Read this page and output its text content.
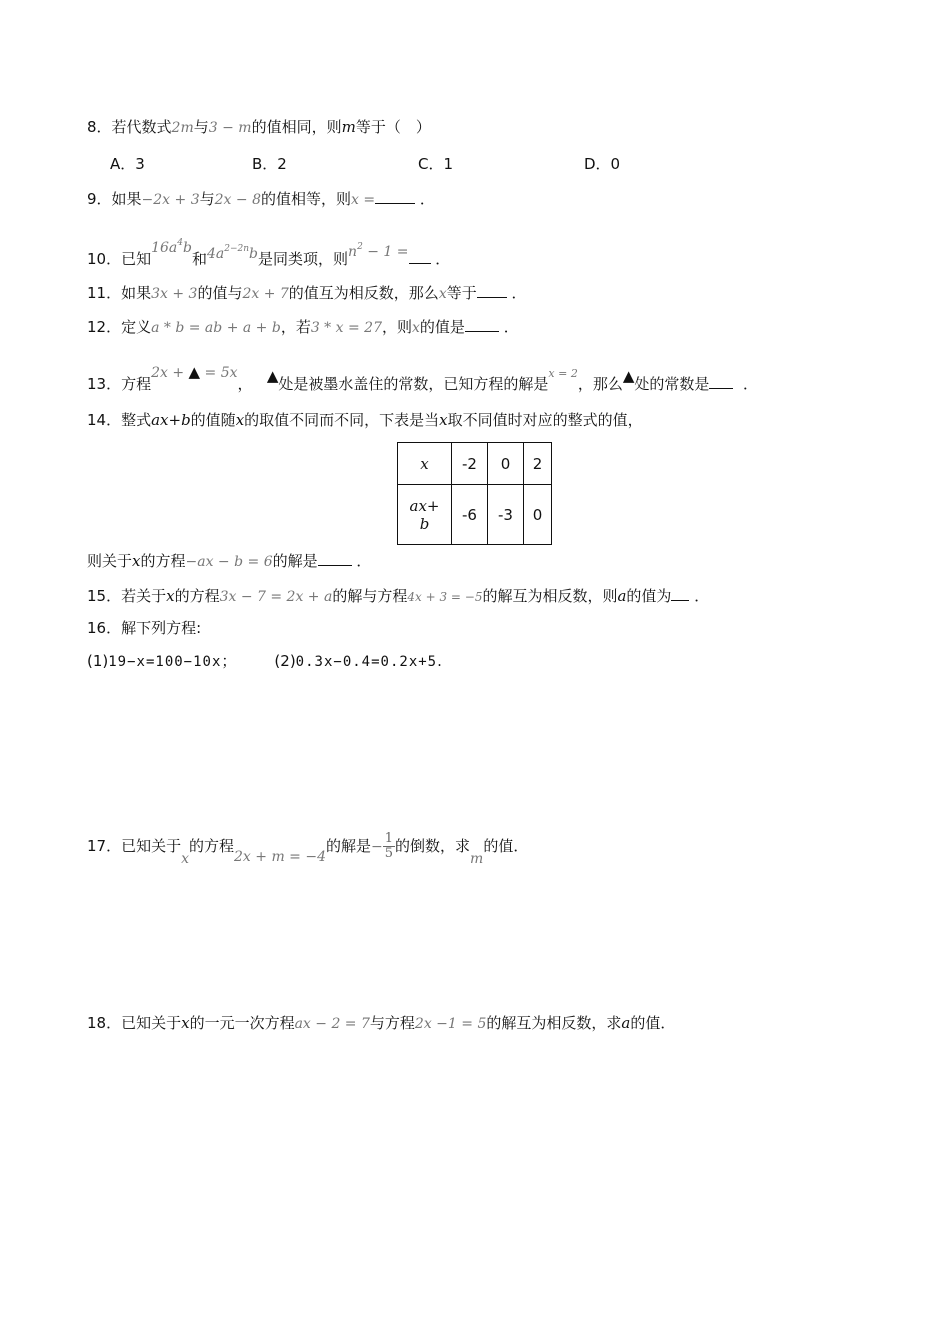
8．若代数式2m与3 − m的值相同，则m等于（　）
A．3	B．2	C．1	D．0
9．如果−2x + 3与2x − 8的值相等，则x =	．
10．已知$16a^4b$和$4a^{2-2n}b$是同类项，则$n^2 - 1$ = ．
11．如果3x + 3的值与2x + 7的值互为相反数，那么x等于 ．
12．定义a * b = ab + a + b，若3 * x = 27，则x的值是	．
13．方程2x + ▲ = 5x， ▲处是被墨水盖住的常数，已知方程的解是$^{x = 2}$，那么▲处的常数是 ．
14．整式ax+b的值随x的取值不同而不同，下表是当x取不同值时对应的整式的值，
x	-2	0	2
ax+
b	-6	-3	0
则关于x的方程−ax − b = 6的解是	．
15．若关于x的方程3x − 7 = 2x + a的解与方程4x + 3 = −5的解互为相反数，则a的值为 ．
16．解下列方程:
(1)19−x=100−10x；	(2)0.3x−0.4=0.2x+5.
17．已知关于x的方程2x + m = −4的解是− $\frac{1}{5}$ 的倒数，求m的值．
18．已知关于x的一元一次方程ax − 2 = 7与方程2x −1 = 5的解互为相反数，求a的值．
